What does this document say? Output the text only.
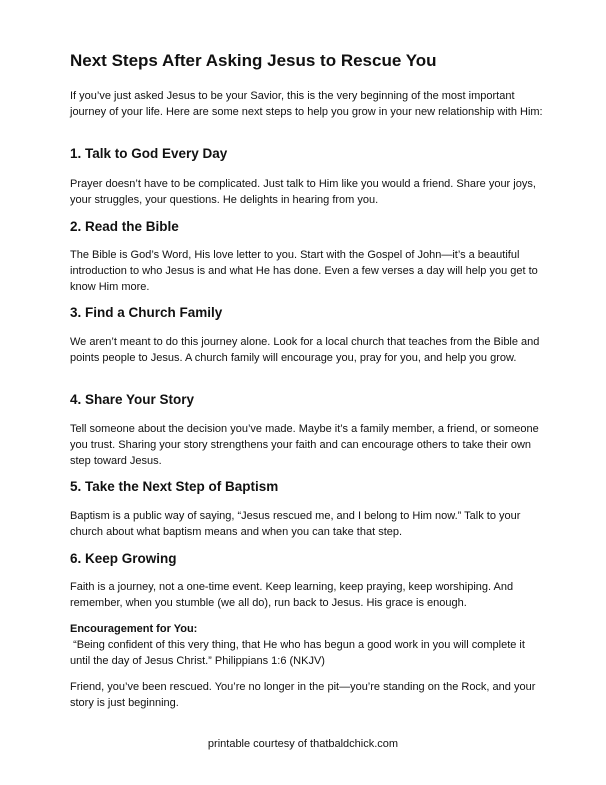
Next Steps After Asking Jesus to Rescue You

If you’ve just asked Jesus to be your Savior, this is the very beginning of the most important journey of your life. Here are some next steps to help you grow in your new relationship with Him:

1. Talk to God Every Day

Prayer doesn’t have to be complicated. Just talk to Him like you would a friend. Share your joys, your struggles, your questions. He delights in hearing from you.

2. Read the Bible

The Bible is God’s Word, His love letter to you. Start with the Gospel of John—it’s a beautiful introduction to who Jesus is and what He has done. Even a few verses a day will help you get to know Him more.

3. Find a Church Family

We aren’t meant to do this journey alone. Look for a local church that teaches from the Bible and points people to Jesus. A church family will encourage you, pray for you, and help you grow.

4. Share Your Story

Tell someone about the decision you’ve made. Maybe it’s a family member, a friend, or someone you trust. Sharing your story strengthens your faith and can encourage others to take their own step toward Jesus.

5. Take the Next Step of Baptism

Baptism is a public way of saying, “Jesus rescued me, and I belong to Him now.” Talk to your church about what baptism means and when you can take that step.

6. Keep Growing

Faith is a journey, not a one-time event. Keep learning, keep praying, keep worshiping. And remember, when you stumble (we all do), run back to Jesus. His grace is enough.

Encouragement for You:
“Being confident of this very thing, that He who has begun a good work in you will complete it until the day of Jesus Christ.” Philippians 1:6 (NKJV)

Friend, you’ve been rescued. You’re no longer in the pit—you’re standing on the Rock, and your story is just beginning.

printable courtesy of thatbaldchick.com
